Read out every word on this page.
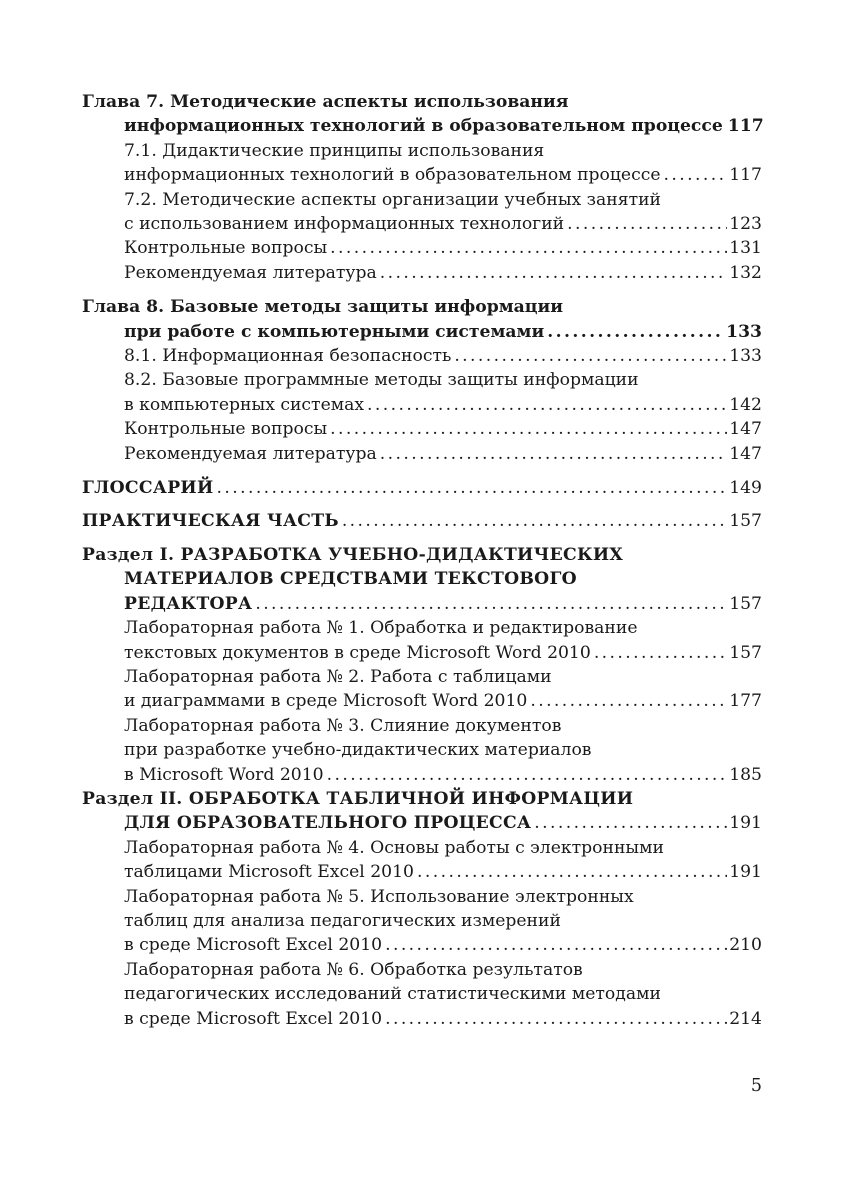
Глава 7. Методические аспекты использования
информационных технологий в образовательном процессе 117
7.1. Дидактические принципы использования
информационных технологий в образовательном процессе .....	117
7.2. Методические аспекты организации учебных занятий
с использованием информационных технологий .....	123
Контрольные вопросы .....	131
Рекомендуемая литература .....	132
Глава 8. Базовые методы защиты информации
при работе с компьютерными системами .....	133
8.1. Информационная безопасность .....	133
8.2. Базовые программные методы защиты информации
в компьютерных системах .....	142
Контрольные вопросы .....	147
Рекомендуемая литература .....	147
ГЛОССАРИЙ .....	149
ПРАКТИЧЕСКАЯ ЧАСТЬ .....	157
Раздел I. РАЗРАБОТКА УЧЕБНО-ДИДАКТИЧЕСКИХ
МАТЕРИАЛОВ СРЕДСТВАМИ ТЕКСТОВОГО
РЕДАКТОРА .....	157
Лабораторная работа № 1. Обработка и редактирование
текстовых документов в среде Microsoft Word 2010 .....	157
Лабораторная работа № 2. Работа с таблицами
и диаграммами в среде Microsoft Word 2010 .....	177
Лабораторная работа № 3. Слияние документов
при разработке учебно-дидактических материалов
в Microsoft Word 2010 .....	185
Раздел II. ОБРАБОТКА ТАБЛИЧНОЙ ИНФОРМАЦИИ
ДЛЯ ОБРАЗОВАТЕЛЬНОГО ПРОЦЕССА .....	191
Лабораторная работа № 4. Основы работы с электронными
таблицами Microsoft Excel 2010 .....	191
Лабораторная работа № 5. Использование электронных
таблиц для анализа педагогических измерений
в среде Microsoft Excel 2010 .....	210
Лабораторная работа № 6. Обработка результатов
педагогических исследований статистическими методами
в среде Microsoft Excel 2010 .....	214
5
